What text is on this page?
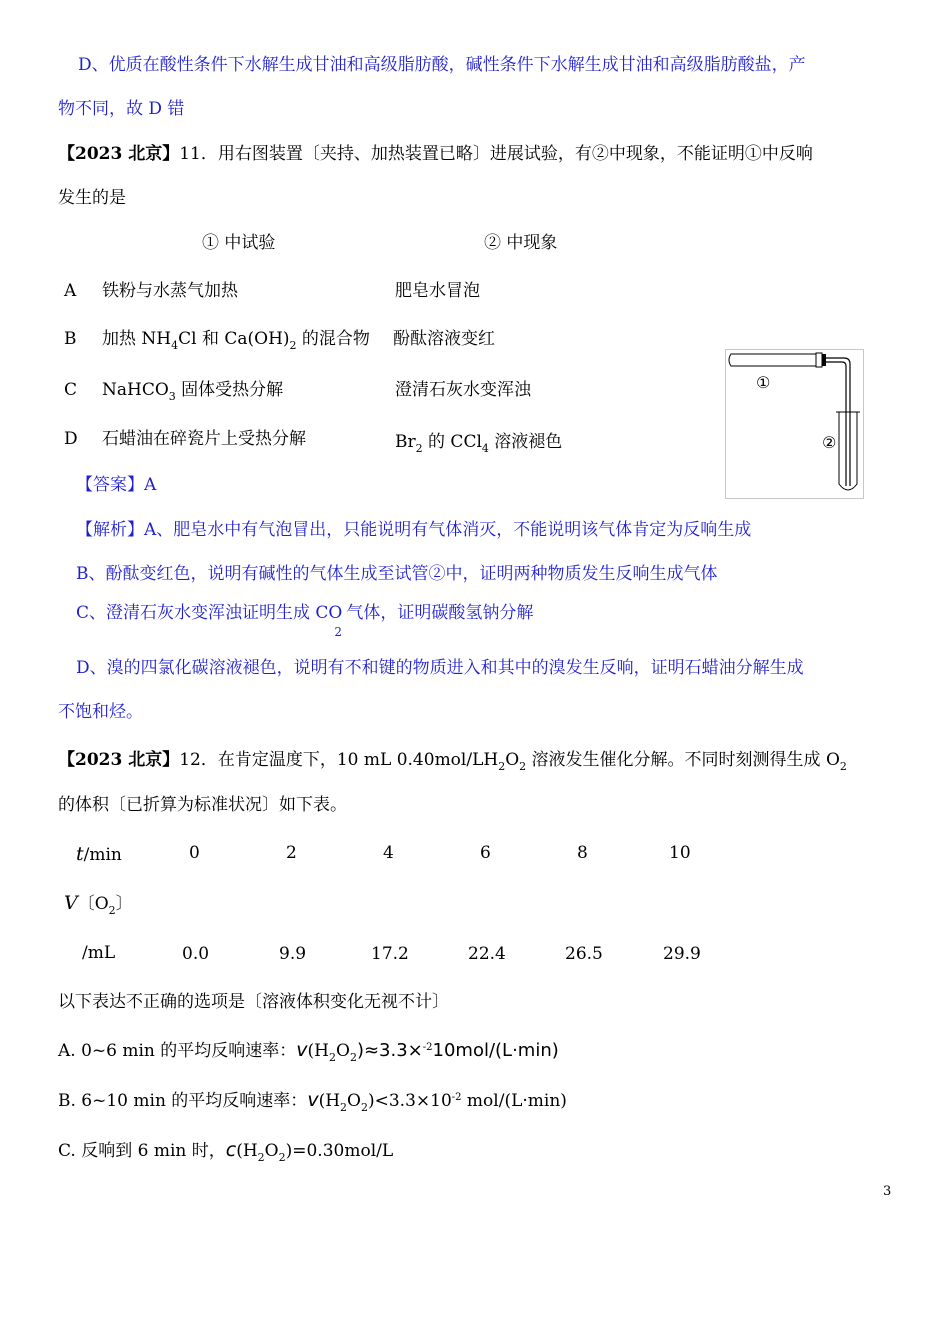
D、优质在酸性条件下水解生成甘油和高级脂肪酸，碱性条件下水解生成甘油和高级脂肪酸盐，产
物不同，故 D 错
【2023 北京】11．用右图装置〔夹持、加热装置已略〕进展试验，有②中现象，不能证明①中反响
发生的是
① 中试验	② 中现象
A 铁粉与水蒸气加热	肥皂水冒泡
B 加热 $NH_4Cl$ 和 $Ca(OH)_2$ 的混合物 酚酞溶液变红
C NaHCO$_3$ 固体受热分解	澄清石灰水变浑浊
D 石蜡油在碎瓷片上受热分解	$Br_2$ 的 CCl$_4$ 溶液褪色
①
②
【答案】A
【解析】A、肥皂水中有气泡冒出，只能说明有气体消灭，不能说明该气体肯定为反响生成
B、酚酞变红色，说明有碱性的气体生成至试管②中，证明两种物质发生反响生成气体
C、澄清石灰水变浑浊证明生成 $CO_2$气体，证明碳酸氢钠分解
D、溴的四氯化碳溶液褪色，说明有不和键的物质进入和其中的溴发生反响，证明石蜡油分解生成
不饱和烃。
【2023 北京】12．在肯定温度下，10 mL $0.40mol/LH_2O_2$ 溶液发生催化分解。不同时刻测得生成 $O_2$
的体积〔已折算为标准状况〕如下表。
t/min	0	2	4	6	8	10
V〔$O_2$〕
/mL	0.0	9.9	17.2	22.4	26.5	29.9
以下表达不正确的选项是〔溶液体积变化无视不计〕
A. 0~6 min 的平均反响速率：$v(H_2O_2)\approx 3.3\times^{-2}10mol/(L\cdot\min)$
B. 6~10 min 的平均反响速率：$v(H_2O_2)<3.3\times 10^{-2}$ mol/(L·min)
C. 反响到 6 min 时，$c(H_2O_2)=0.30mol/L$
3
